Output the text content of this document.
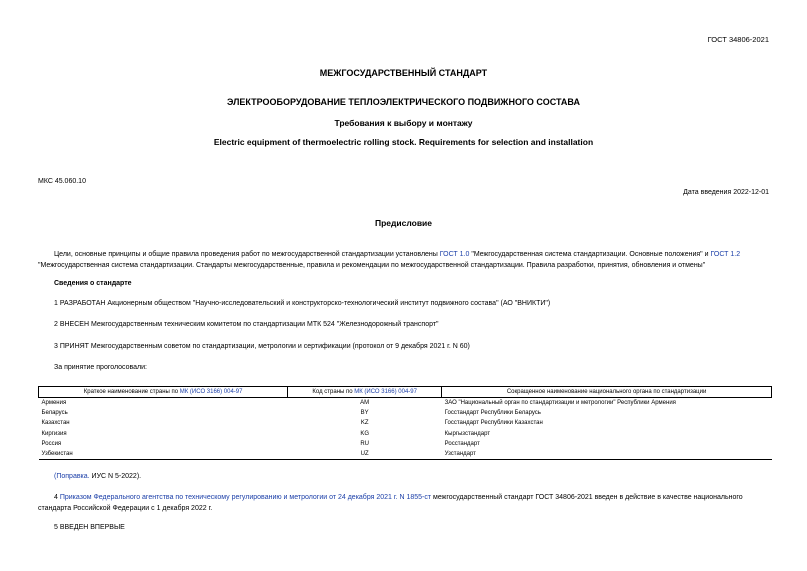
ГОСТ 34806-2021
МЕЖГОСУДАРСТВЕННЫЙ СТАНДАРТ
ЭЛЕКТРООБОРУДОВАНИЕ ТЕПЛОЭЛЕКТРИЧЕСКОГО ПОДВИЖНОГО СОСТАВА
Требования к выбору и монтажу
Electric equipment of thermoelectric rolling stock. Requirements for selection and installation
МКС 45.060.10
Дата введения 2022-12-01
Предисловие
Цели, основные принципы и общие правила проведения работ по межгосударственной стандартизации установлены ГОСТ 1.0 "Межгосударственная система стандартизации. Основные положения" и ГОСТ 1.2 "Межгосударственная система стандартизации. Стандарты межгосударственные, правила и рекомендации по межгосударственной стандартизации. Правила разработки, принятия, обновления и отмены"
Сведения о стандарте
1 РАЗРАБОТАН Акционерным обществом "Научно-исследовательский и конструкторско-технологический институт подвижного состава" (АО "ВНИКТИ")
2 ВНЕСЕН Межгосударственным техническим комитетом по стандартизации МТК 524 "Железнодорожный транспорт"
3 ПРИНЯТ Межгосударственным советом по стандартизации, метрологии и сертификации (протокол от 9 декабря 2021 г. N 60)
За принятие проголосовали:
Краткое наименование страны по МК (ИСО 3166) 004-97	Код страны по МК (ИСО 3166) 004-97	Сокращенное наименование национального органа по стандартизации
Армения	AM	ЗАО "Национальный орган по стандартизации и метрологии" Республики Армения
Беларусь	BY	Госстандарт Республики Беларусь
Казахстан	KZ	Госстандарт Республики Казахстан
Киргизия	KG	Кыргызстандарт
Россия	RU	Росстандарт
Узбекистан	UZ	Узстандарт
(Поправка. ИУС N 5-2022).
4 Приказом Федерального агентства по техническому регулированию и метрологии от 24 декабря 2021 г. N 1855-ст межгосударственный стандарт ГОСТ 34806-2021 введен в действие в качестве национального стандарта Российской Федерации с 1 декабря 2022 г.
5 ВВЕДЕН ВПЕРВЫЕ
